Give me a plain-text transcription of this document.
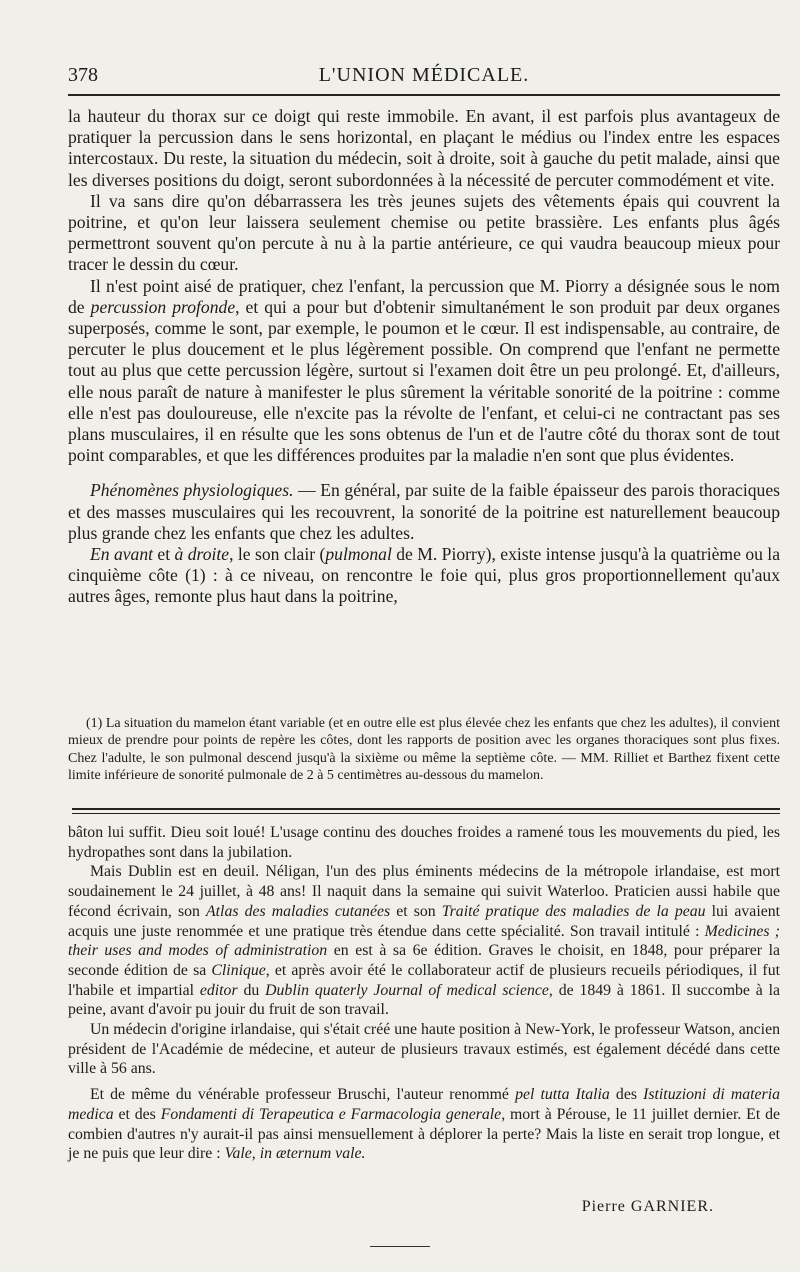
378	L'UNION MÉDICALE.

la hauteur du thorax sur ce doigt qui reste immobile. En avant, il est parfois plus avantageux de pratiquer la percussion dans le sens horizontal, en plaçant le médius ou l'index entre les espaces intercostaux. Du reste, la situation du médecin, soit à droite, soit à gauche du petit malade, ainsi que les diverses positions du doigt, seront subordonnées à la nécessité de percuter commodément et vite.

Il va sans dire qu'on débarrassera les très jeunes sujets des vêtements épais qui couvrent la poitrine, et qu'on leur laissera seulement chemise ou petite brassière. Les enfants plus âgés permettront souvent qu'on percute à nu à la partie antérieure, ce qui vaudra beaucoup mieux pour tracer le dessin du cœur.

Il n'est point aisé de pratiquer, chez l'enfant, la percussion que M. Piorry a désignée sous le nom de percussion profonde, et qui a pour but d'obtenir simultanément le son produit par deux organes superposés, comme le sont, par exemple, le poumon et le cœur. Il est indispensable, au contraire, de percuter le plus doucement et le plus légèrement possible. On comprend que l'enfant ne permette tout au plus que cette percussion légère, surtout si l'examen doit être un peu prolongé. Et, d'ailleurs, elle nous paraît de nature à manifester le plus sûrement la véritable sonorité de la poitrine : comme elle n'est pas douloureuse, elle n'excite pas la révolte de l'enfant, et celui-ci ne contractant pas ses plans musculaires, il en résulte que les sons obtenus de l'un et de l'autre côté du thorax sont de tout point comparables, et que les différences produites par la maladie n'en sont que plus évidentes.

Phénomènes physiologiques. — En général, par suite de la faible épaisseur des parois thoraciques et des masses musculaires qui les recouvrent, la sonorité de la poitrine est naturellement beaucoup plus grande chez les enfants que chez les adultes.

En avant et à droite, le son clair (pulmonal de M. Piorry), existe intense jusqu'à la quatrième ou la cinquième côte (1) : à ce niveau, on rencontre le foie qui, plus gros proportionnellement qu'aux autres âges, remonte plus haut dans la poitrine,

(1) La situation du mamelon étant variable (et en outre elle est plus élevée chez les enfants que chez les adultes), il convient mieux de prendre pour points de repère les côtes, dont les rapports de position avec les organes thoraciques sont plus fixes. Chez l'adulte, le son pulmonal descend jusqu'à la sixième ou même la septième côte. — MM. Rilliet et Barthez fixent cette limite inférieure de sonorité pulmonale de 2 à 5 centimètres au-dessous du mamelon.

bâton lui suffit. Dieu soit loué! L'usage continu des douches froides a ramené tous les mouvements du pied, les hydropathes sont dans la jubilation.

Mais Dublin est en deuil. Néligan, l'un des plus éminents médecins de la métropole irlandaise, est mort soudainement le 24 juillet, à 48 ans! Il naquit dans la semaine qui suivit Waterloo. Praticien aussi habile que fécond écrivain, son Atlas des maladies cutanées et son Traité pratique des maladies de la peau lui avaient acquis une juste renommée et une pratique très étendue dans cette spécialité. Son travail intitulé : Medicines ; their uses and modes of administration en est à sa 6e édition. Graves le choisit, en 1848, pour préparer la seconde édition de sa Clinique, et après avoir été le collaborateur actif de plusieurs recueils périodiques, il fut l'habile et impartial editor du Dublin quaterly Journal of medical science, de 1849 à 1861. Il succombe à la peine, avant d'avoir pu jouir du fruit de son travail.

Un médecin d'origine irlandaise, qui s'était créé une haute position à New-York, le professeur Watson, ancien président de l'Académie de médecine, et auteur de plusieurs travaux estimés, est également décédé dans cette ville à 56 ans.

Et de même du vénérable professeur Bruschi, l'auteur renommé pel tutta Italia des Istituzioni di materia medica et des Fondamenti di Terapeutica e Farmacologia generale, mort à Pérouse, le 11 juillet dernier. Et de combien d'autres n'y aurait-il pas ainsi mensuellement à déplorer la perte? Mais la liste en serait trop longue, et je ne puis que leur dire : Vale, in æternum vale.

Pierre GARNIER.
